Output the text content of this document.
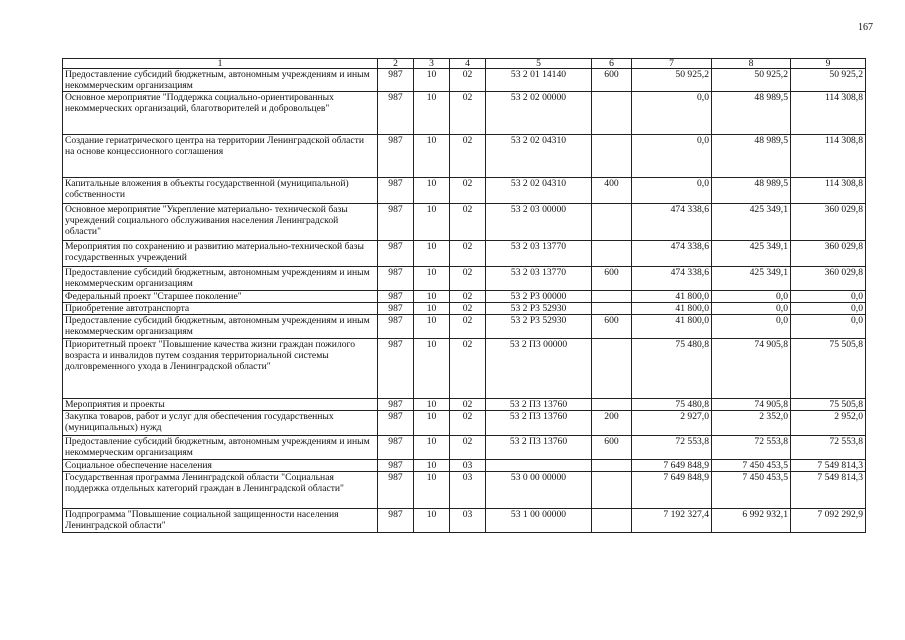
167
1	2	3	4	5	6	7	8	9
Предоставление субсидий бюджетным, автономным учреждениям и иным некоммерческим организациям	987	10	02	53 2 01 14140	600	50 925,2	50 925,2	50 925,2
Основное мероприятие "Поддержка социально-ориентированных некоммерческих организаций, благотворителей и добровольцев"	987	10	02	53 2 02 00000		0,0	48 989,5	114 308,8
Создание гериатрического центра на территории Ленинградской области на основе концессионного соглашения	987	10	02	53 2 02 04310		0,0	48 989,5	114 308,8
Капитальные вложения в объекты государственной (муниципальной) собственности	987	10	02	53 2 02 04310	400	0,0	48 989,5	114 308,8
Основное мероприятие "Укрепление материально- технической базы учреждений социального обслуживания населения Ленинградской области"	987	10	02	53 2 03 00000		474 338,6	425 349,1	360 029,8
Мероприятия по сохранению и развитию материально-технической базы государственных учреждений	987	10	02	53 2 03 13770		474 338,6	425 349,1	360 029,8
Предоставление субсидий бюджетным, автономным учреждениям и иным некоммерческим организациям	987	10	02	53 2 03 13770	600	474 338,6	425 349,1	360 029,8
Федеральный проект "Старшее поколение"	987	10	02	53 2 P3 00000		41 800,0	0,0	0,0
Приобретение автотранспорта	987	10	02	53 2 P3 52930		41 800,0	0,0	0,0
Предоставление субсидий бюджетным, автономным учреждениям и иным некоммерческим организациям	987	10	02	53 2 P3 52930	600	41 800,0	0,0	0,0
Приоритетный проект "Повышение качества жизни граждан пожилого возраста и инвалидов путем создания территориальной системы долговременного ухода в Ленинградской области"	987	10	02	53 2 П3 00000		75 480,8	74 905,8	75 505,8
Мероприятия и проекты	987	10	02	53 2 П3 13760		75 480,8	74 905,8	75 505,8
Закупка товаров, работ и услуг для обеспечения государственных (муниципальных) нужд	987	10	02	53 2 П3 13760	200	2 927,0	2 352,0	2 952,0
Предоставление субсидий бюджетным, автономным учреждениям и иным некоммерческим организациям	987	10	02	53 2 П3 13760	600	72 553,8	72 553,8	72 553,8
Социальное обеспечение населения	987	10	03			7 649 848,9	7 450 453,5	7 549 814,3
Государственная программа Ленинградской области "Социальная поддержка отдельных категорий граждан в Ленинградской области"	987	10	03	53 0 00 00000		7 649 848,9	7 450 453,5	7 549 814,3
Подпрограмма "Повышение социальной защищенности населения Ленинградской области"	987	10	03	53 1 00 00000		7 192 327,4	6 992 932,1	7 092 292,9
